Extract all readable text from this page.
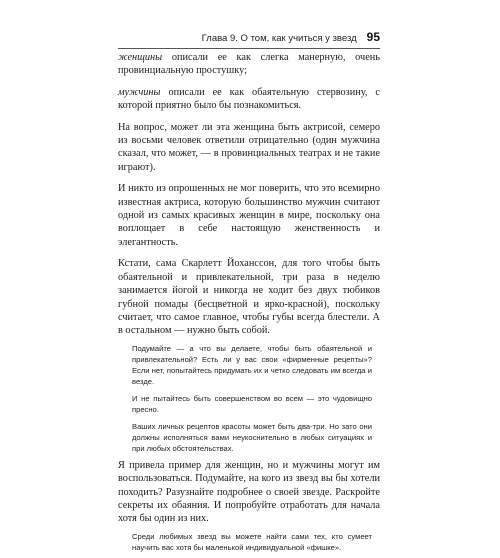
Глава 9. О том, как учиться у звезд 95

женщины описали ее как слегка манерную, очень провинциальную простушку;

мужчины описали ее как обаятельную стервозину, с которой приятно было бы познакомиться.

На вопрос, может ли эта женщина быть актрисой, семеро из восьми человек ответили отрицательно (один мужчина сказал, что может, — в провинциальных театрах и не такие играют).

И никто из опрошенных не мог поверить, что это всемирно известная актриса, которую большинство мужчин считают одной из самых красивых женщин в мире, поскольку она воплощает в себе настоящую женственность и элегантность.

Кстати, сама Скарлетт Йоханссон, для того чтобы быть обаятельной и привлекательной, три раза в неделю занимается йогой и никогда не ходит без двух тюбиков губной помады (бесцветной и ярко-красной), поскольку считает, что самое главное, чтобы губы всегда блестели. А в остальном — нужно быть собой.

Подумайте — а что вы делаете, чтобы быть обаятельной и привлекательной? Есть ли у вас свои «фирменные рецепты»? Если нет, попытайтесь придумать их и четко следовать им всегда и везде.

И не пытайтесь быть совершенством во всем — это чудовищно пресно.

Ваших личных рецептов красоты может быть два-три. Но зато они должны исполняться вами неукоснительно в любых ситуациях и при любых обстоятельствах.

Я привела пример для женщин, но и мужчины могут им воспользоваться. Подумайте, на кого из звезд вы бы хотели походить? Разузнайте подробнее о своей звезде. Раскройте секреты их обаяния. И попробуйте отработать для начала хотя бы один из них.

Среди любимых звезд вы можете найти сами тех, кто сумеет научить вас хотя бы маленькой индивидуальной «фишке».
